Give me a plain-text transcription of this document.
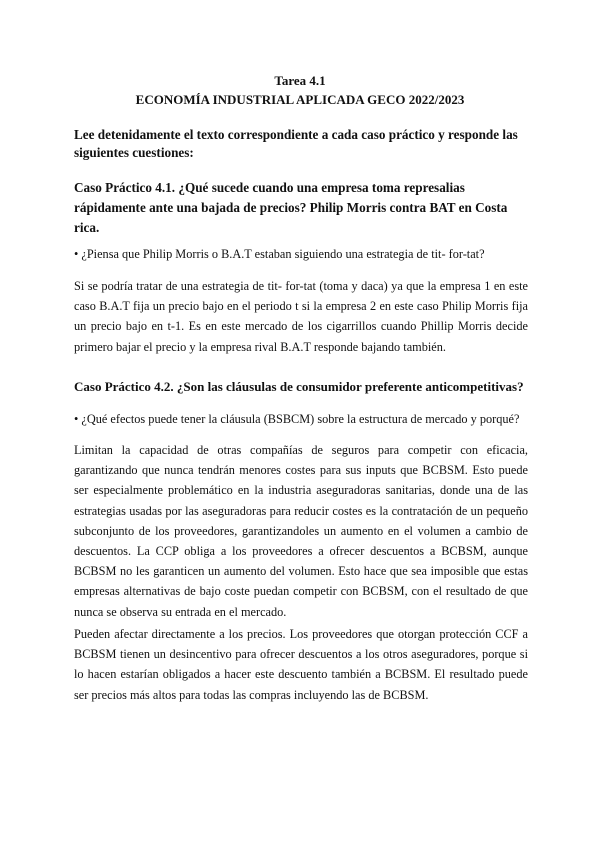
Tarea 4.1
ECONOMÍA INDUSTRIAL APLICADA GECO 2022/2023
Lee detenidamente el texto correspondiente a cada caso práctico y responde las siguientes cuestiones:
Caso Práctico 4.1. ¿Qué sucede cuando una empresa toma represalias rápidamente ante una bajada de precios? Philip Morris contra BAT en Costa rica.
• ¿Piensa que Philip Morris o B.A.T estaban siguiendo una estrategia de tit- for-tat?
Si se podría tratar de una estrategia de tit- for-tat (toma y daca) ya que la empresa 1 en este caso B.A.T fija un precio bajo en el periodo t si la empresa 2 en este caso Philip Morris fija un precio bajo en t-1. Es en este mercado de los cigarrillos cuando Phillip Morris decide primero bajar el precio y la empresa rival B.A.T responde bajando también.
Caso Práctico 4.2. ¿Son las cláusulas de consumidor preferente anticompetitivas?
• ¿Qué efectos puede tener la cláusula (BSBCM) sobre la estructura de mercado y porqué?
Limitan la capacidad de otras compañías de seguros para competir con eficacia, garantizando que nunca tendrán menores costes para sus inputs que BCBSM. Esto puede ser especialmente problemático en la industria aseguradoras sanitarias, donde una de las estrategias usadas por las aseguradoras para reducir costes es la contratación de un pequeño subconjunto de los proveedores, garantizandoles un aumento en el volumen a cambio de descuentos. La CCP obliga a los proveedores a ofrecer descuentos a BCBSM, aunque BCBSM no les garanticen un aumento del volumen. Esto hace que sea imposible que estas empresas alternativas de bajo coste puedan competir con BCBSM, con el resultado de que nunca se observa su entrada en el mercado.
Pueden afectar directamente a los precios. Los proveedores que otorgan protección CCF a BCBSM tienen un desincentivo para ofrecer descuentos a los otros aseguradores, porque si lo hacen estarían obligados a hacer este descuento también a BCBSM. El resultado puede ser precios más altos para todas las compras incluyendo las de BCBSM.
